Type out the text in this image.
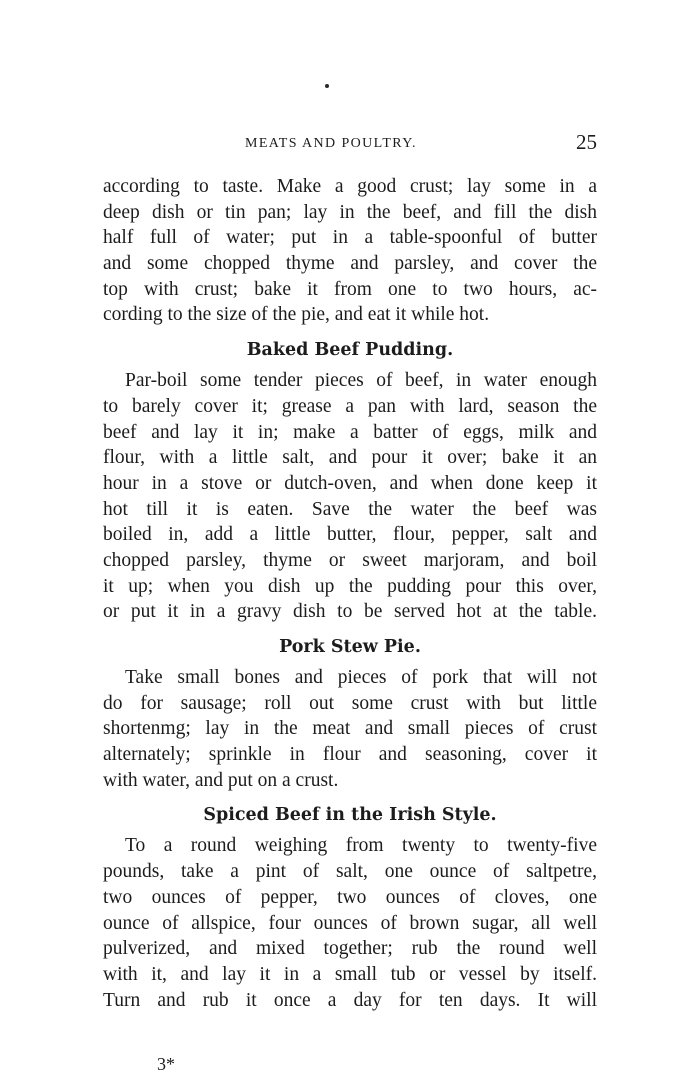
MEATS AND POULTRY.	25
according to taste. Make a good crust; lay some in a
deep dish or tin pan; lay in the beef, and fill the dish
half full of water; put in a table-spoonful of butter
and some chopped thyme and parsley, and cover the
top with crust; bake it from one to two hours, ac-
cording to the size of the pie, and eat it while hot.
Baked Beef Pudding.
Par-boil some tender pieces of beef, in water enough
to barely cover it; grease a pan with lard, season the
beef and lay it in; make a batter of eggs, milk and
flour, with a little salt, and pour it over; bake it an
hour in a stove or dutch-oven, and when done keep it
hot till it is eaten. Save the water the beef was
boiled in, add a little butter, flour, pepper, salt and
chopped parsley, thyme or sweet marjoram, and boil
it up; when you dish up the pudding pour this over,
or put it in a gravy dish to be served hot at the table.
Pork Stew Pie.
Take small bones and pieces of pork that will not
do for sausage; roll out some crust with but little
shortenmg; lay in the meat and small pieces of crust
alternately; sprinkle in flour and seasoning, cover it
with water, and put on a crust.
Spiced Beef in the Irish Style.
To a round weighing from twenty to twenty-five
pounds, take a pint of salt, one ounce of saltpetre,
two ounces of pepper, two ounces of cloves, one
ounce of allspice, four ounces of brown sugar, all well
pulverized, and mixed together; rub the round well
with it, and lay it in a small tub or vessel by itself.
Turn and rub it once a day for ten days. It will
3*
